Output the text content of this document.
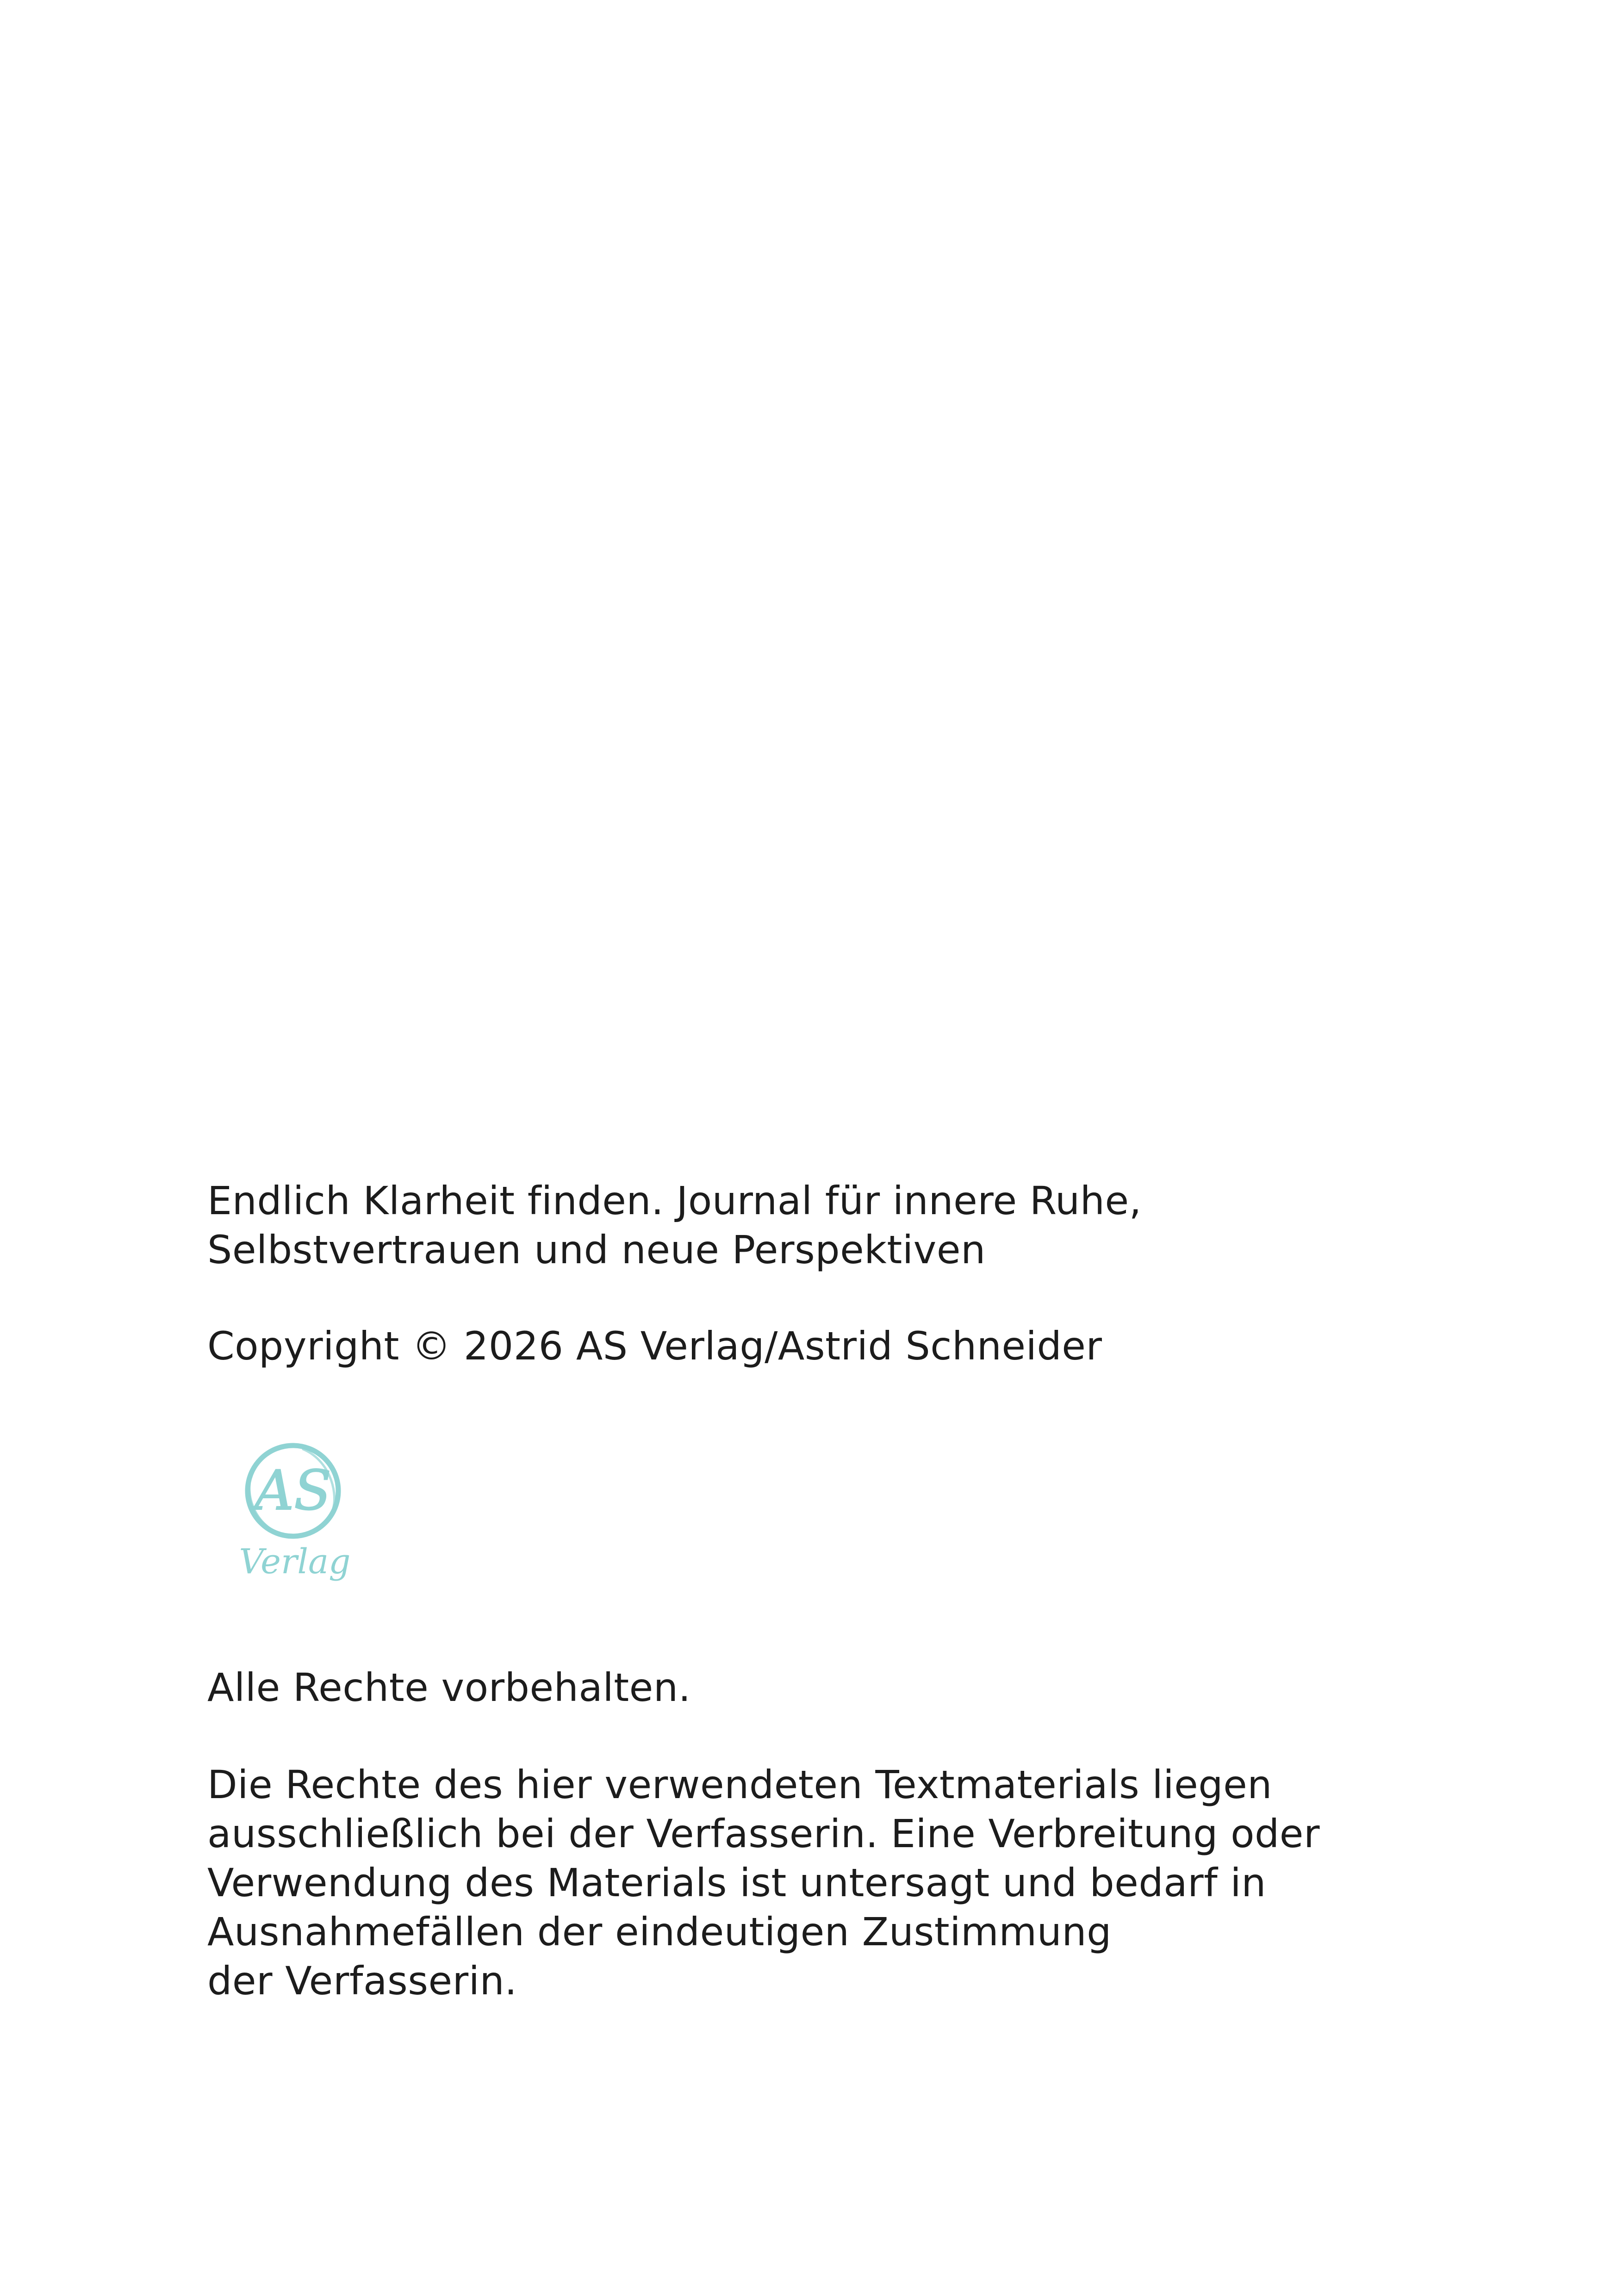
Endlich Klarheit finden. Journal für innere Ruhe,
Selbstvertrauen und neue Perspektiven
Copyright © 2026 AS Verlag/Astrid Schneider
AS
Verlag
Alle Rechte vorbehalten.
Die Rechte des hier verwendeten Textmaterials liegen
ausschließlich bei der Verfasserin. Eine Verbreitung oder
Verwendung des Materials ist untersagt und bedarf in
Ausnahmefällen der eindeutigen Zustimmung
der Verfasserin.
